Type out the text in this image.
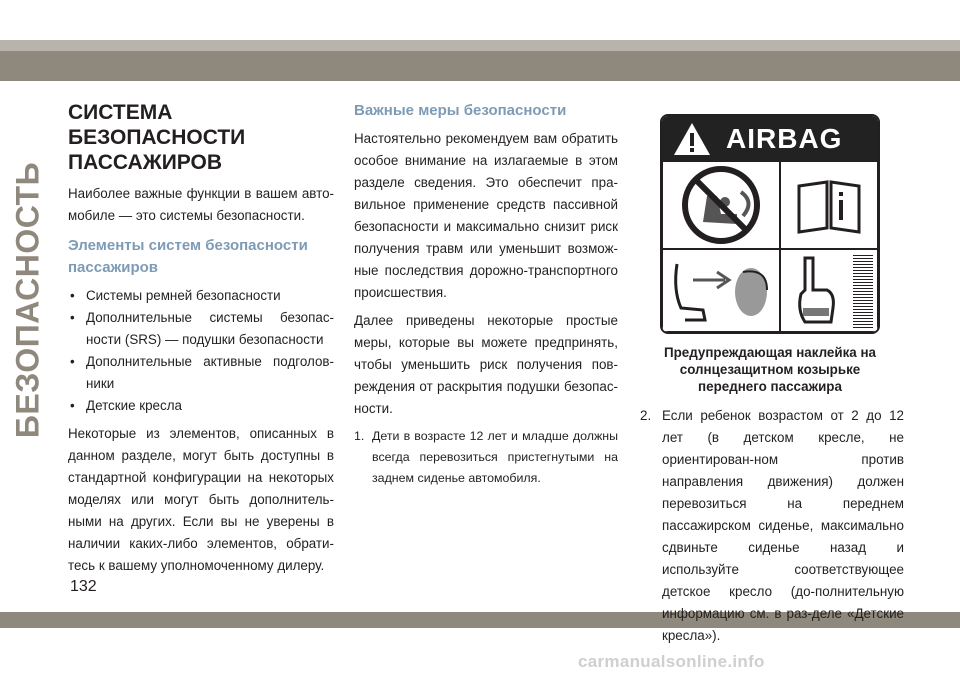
БЕЗОПАСНОСТЬ
СИСТЕМА БЕЗОПАСНОСТИ ПАССАЖИРОВ

Наиболее важные функции в вашем авто-мобиле — это системы безопасности.

Элементы систем безопасности пассажиров
• Системы ремней безопасности
• Дополнительные системы безопас-ности (SRS) — подушки безопасности
• Дополнительные активные подголов-ники
• Детские кресла

Некоторые из элементов, описанных в данном разделе, могут быть доступны в стандартной конфигурации на некоторых моделях или могут быть дополнитель-ными на других. Если вы не уверены в наличии каких-либо элементов, обрати-тесь к вашему уполномоченному дилеру.

Важные меры безопасности

Настоятельно рекомендуем вам обратить особое внимание на излагаемые в этом разделе сведения. Это обеспечит пра-вильное применение средств пассивной безопасности и максимально снизит риск получения травм или уменьшит возмож-ные последствия дорожно-транспортного происшествия.

Далее приведены некоторые простые меры, которые вы можете предпринять, чтобы уменьшить риск получения пов-реждения от раскрытия подушки безопас-ности.

1. Дети в возрасте 12 лет и младше должны всегда перевозиться пристегнутыми на заднем сиденье автомобиля.
AIRBAG
Предупреждающая наклейка на солнцезащитном козырьке переднего пассажира
2. Если ребенок возрастом от 2 до 12 лет (в детском кресле, не ориентирован-ном против направления движения) должен перевозиться на переднем пассажирском сиденье, максимально сдвиньте сиденье назад и используйте соответствующее детское кресло (до-полнительную информацию см. в раз-деле «Детские кресла»).
132
carmanualsonline.info
